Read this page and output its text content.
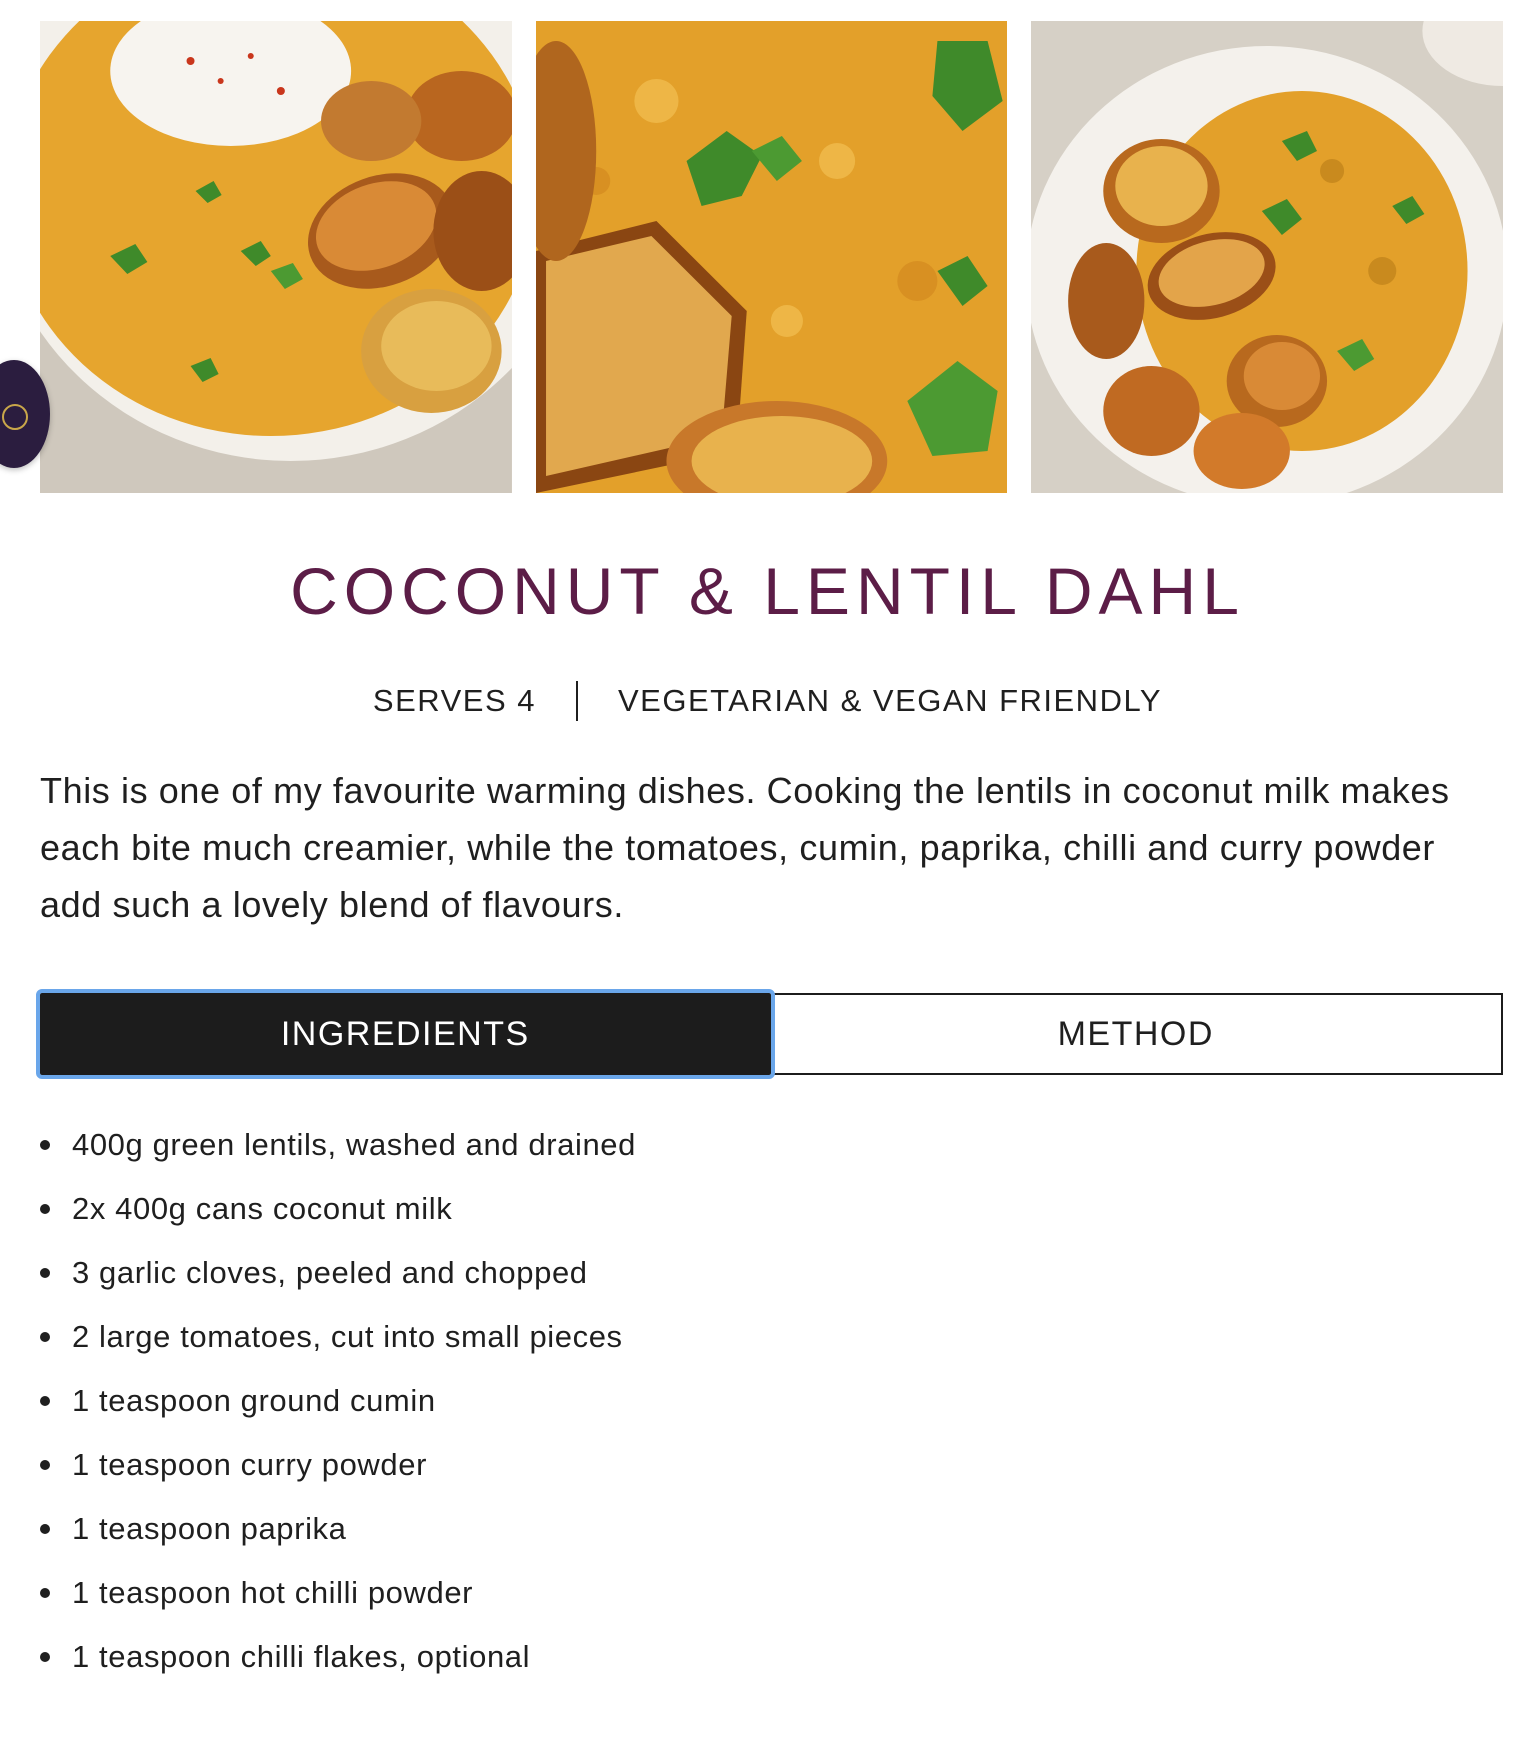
COCONUT & LENTIL DAHL
SERVES 4	VEGETARIAN & VEGAN FRIENDLY

This is one of my favourite warming dishes. Cooking the lentils in coconut milk makes each bite much creamier, while the tomatoes, cumin, paprika, chilli and curry powder add such a lovely blend of flavours.

INGREDIENTS	METHOD
400g green lentils, washed and drained
2x 400g cans coconut milk
3 garlic cloves, peeled and chopped
2 large tomatoes, cut into small pieces
1 teaspoon ground cumin
1 teaspoon curry powder
1 teaspoon paprika
1 teaspoon hot chilli powder
1 teaspoon chilli flakes, optional
